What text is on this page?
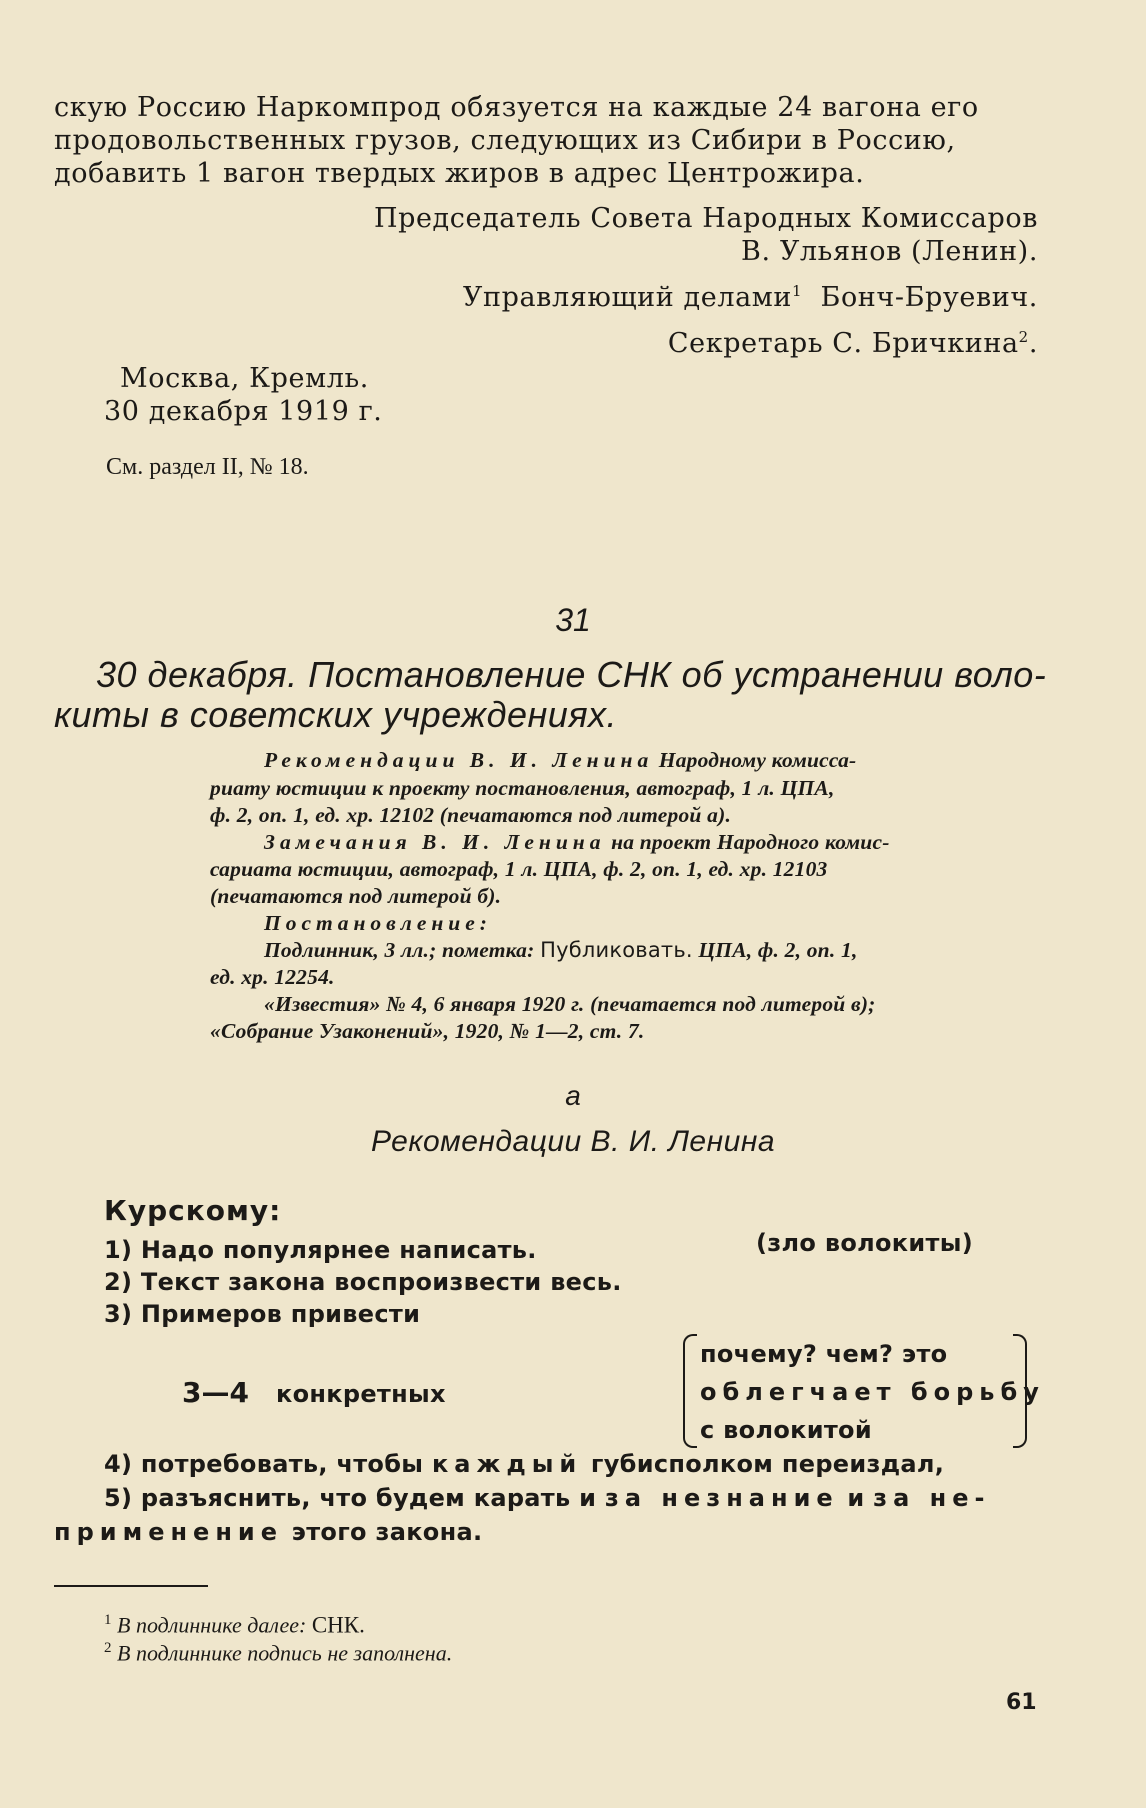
скую Россию Наркомпрод обязуется на каждые 24 вагона его
продовольственных грузов, следующих из Сибири в Россию,
добавить 1 вагон твердых жиров в адрес Центрожира.
Председатель Совета Народных Комиссаров
В. Ульянов (Ленин).
Управляющий делами$^1$ Бонч-Бруевич.
Секретарь С. Бричкина$^2$.
Москва, Кремль.
30 декабря 1919 г.
См. раздел II, № 18.
31
30 декабря. Постановление СНК об устранении воло-
киты в советских учреждениях.
Рекомендации В. И. Ленина Народному комисса-
риату юстиции к проекту постановления, автограф, 1 л. ЦПА,
ф. 2, оп. 1, ед. хр. 12102 (печатаются под литерой а).
Замечания В. И. Ленина на проект Народного комис-
сариата юстиции, автограф, 1 л. ЦПА, ф. 2, оп. 1, ед. хр. 12103
(печатаются под литерой б).
Постановление:
Подлинник, 3 лл.; пометка: Публиковать. ЦПА, ф. 2, оп. 1,
ед. хр. 12254.
«Известия» № 4, 6 января 1920 г. (печатается под литерой в);
«Собрание Узаконений», 1920, № 1—2, ст. 7.
а
Рекомендации В. И. Ленина
Курскому:
1) Надо популярнее написать.	(зло волокиты)
2) Текст закона воспроизвести весь.
3) Примеров привести
3—4 конкретных
почему? чем? это
облегчает борьбу
с волокитой
4) потребовать, чтобы каждый губисполком переиздал,
5) разъяснить, что будем карать и за незнание и за не-
применение этого закона.
$^1$ В подлиннике далее: СНК.
$^2$ В подлиннике подпись не заполнена.
61
